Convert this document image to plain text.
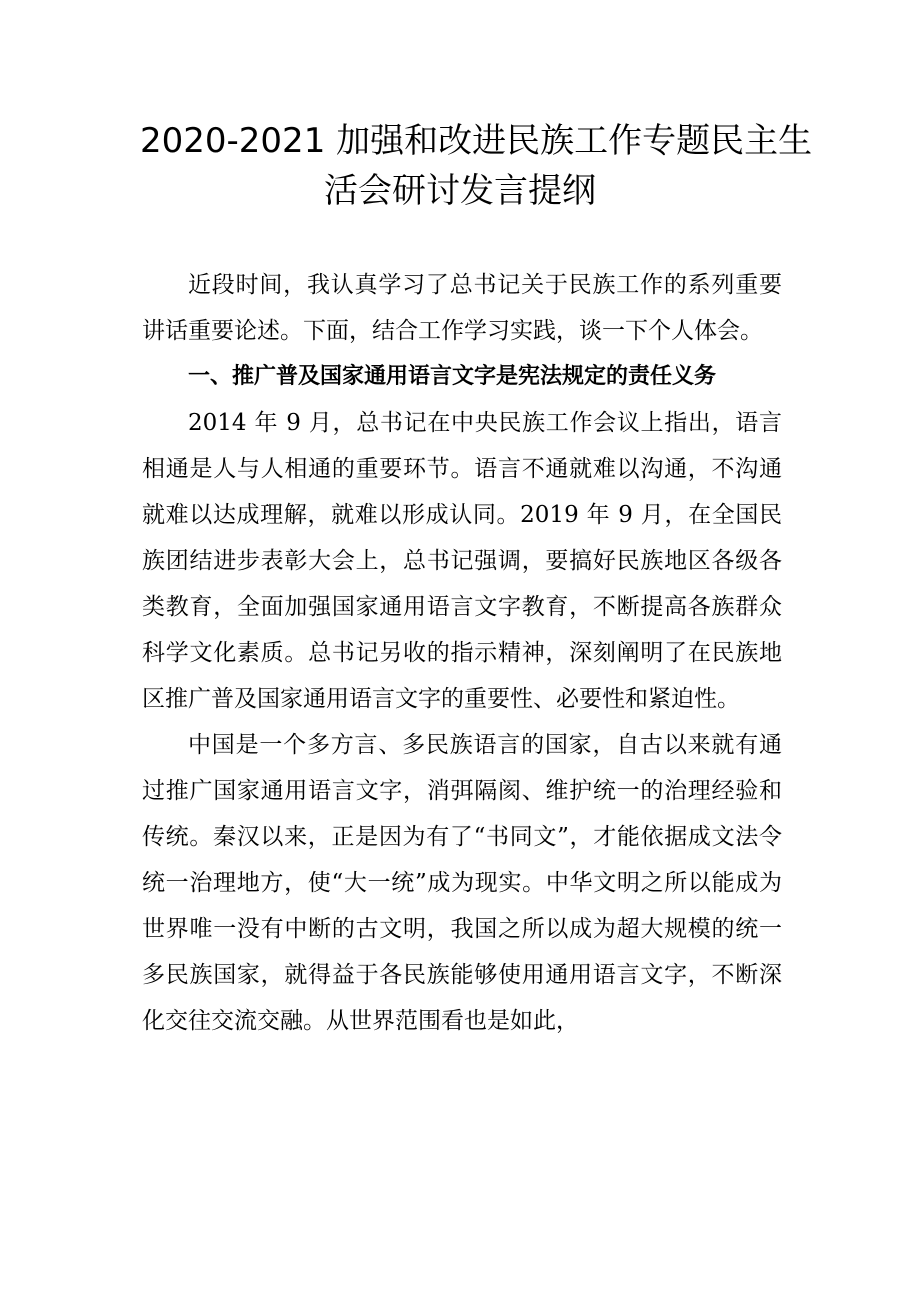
2020-2021 加强和改进民族工作专题民主生
活会研讨发言提纲

近段时间，我认真学习了总书记关于民族工作的系列重要讲话重要论述。下面，结合工作学习实践，谈一下个人体会。

一、推广普及国家通用语言文字是宪法规定的责任义务

2014 年 9 月，总书记在中央民族工作会议上指出，语言相通是人与人相通的重要环节。语言不通就难以沟通，不沟通就难以达成理解，就难以形成认同。2019 年 9 月，在全国民族团结进步表彰大会上，总书记强调，要搞好民族地区各级各类教育，全面加强国家通用语言文字教育，不断提高各族群众科学文化素质。总书记另收的指示精神，深刻阐明了在民族地区推广普及国家通用语言文字的重要性、必要性和紧迫性。

中国是一个多方言、多民族语言的国家，自古以来就有通过推广国家通用语言文字，消弭隔阂、维护统一的治理经验和传统。秦汉以来，正是因为有了“书同文”，才能依据成文法令统一治理地方，使“大一统”成为现实。中华文明之所以能成为世界唯一没有中断的古文明，我国之所以成为超大规模的统一多民族国家，就得益于各民族能够使用通用语言文字，不断深化交往交流交融。从世界范围看也是如此，
